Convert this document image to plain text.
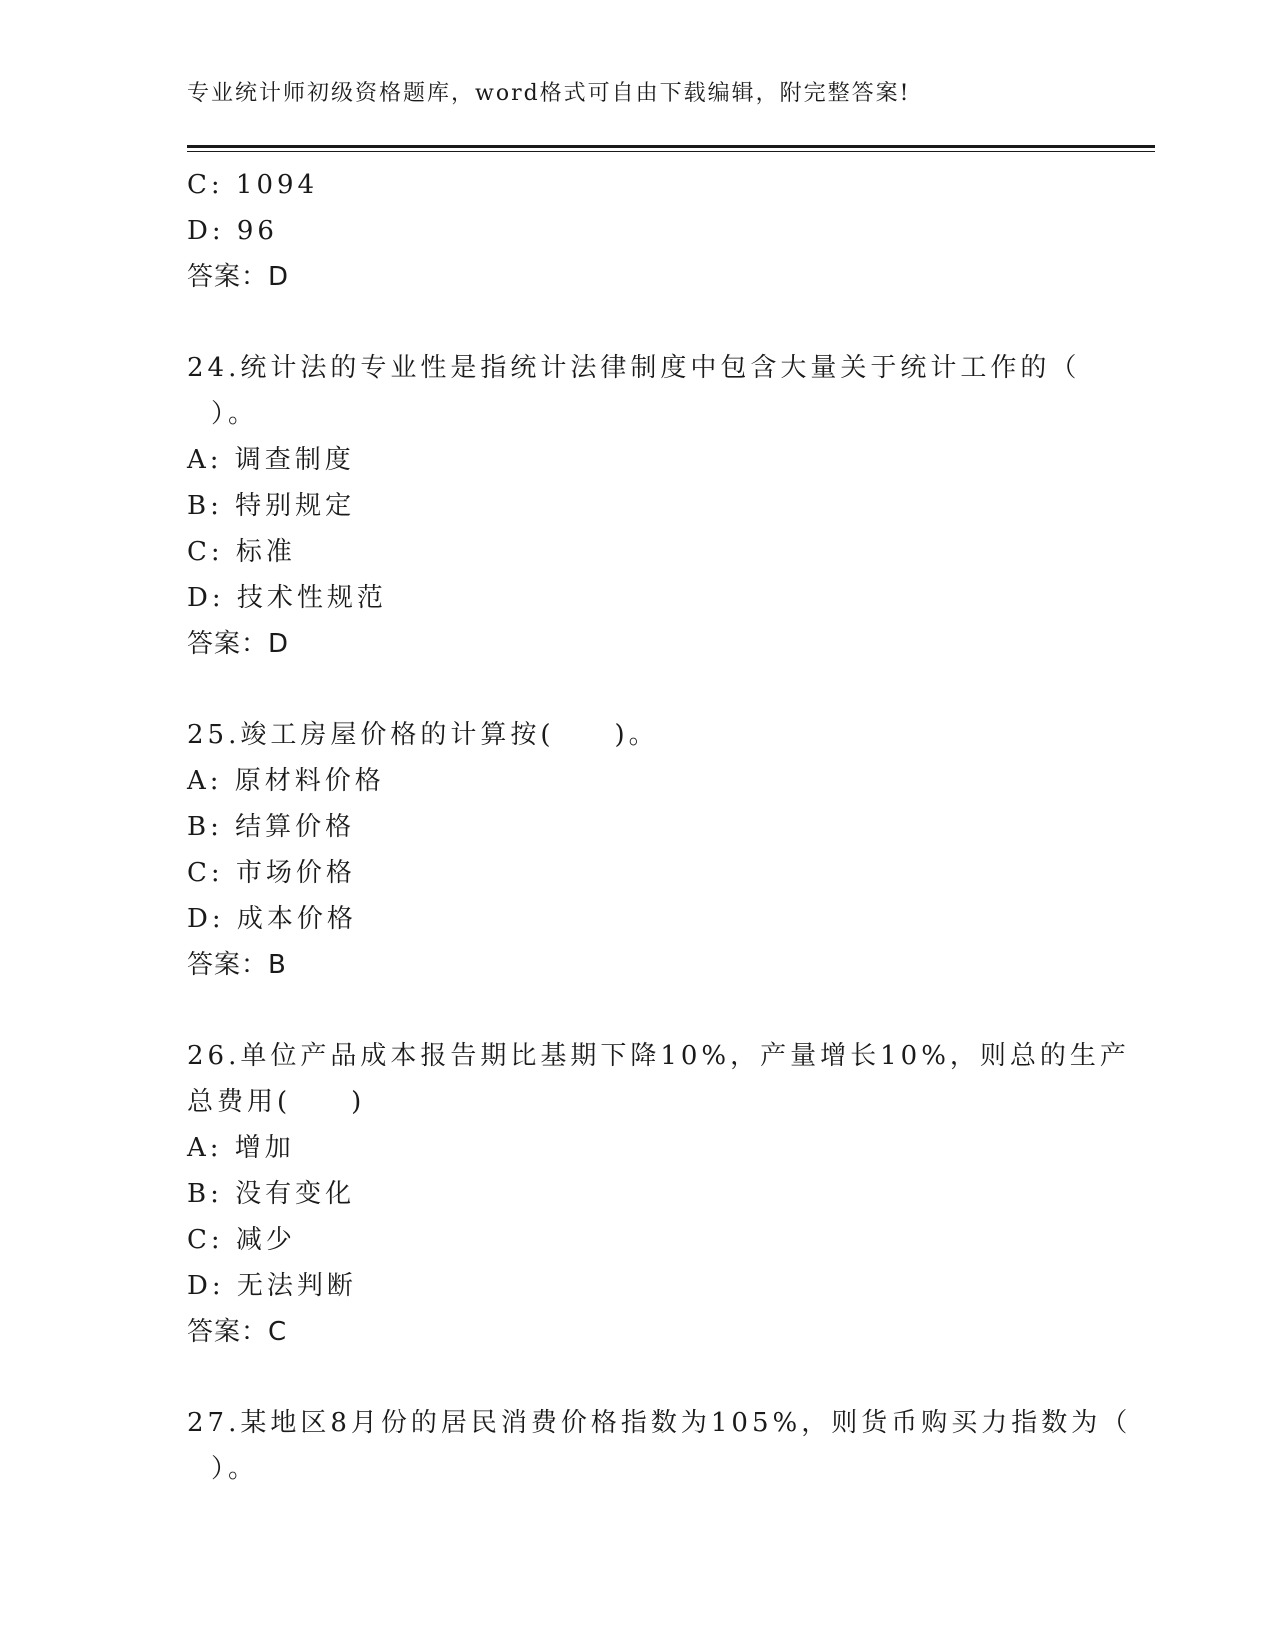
专业统计师初级资格题库，word格式可自由下载编辑，附完整答案!
C: 1094
D: 96
答案：D
24.统计法的专业性是指统计法律制度中包含大量关于统计工作的（
）。
A: 调查制度
B: 特别规定
C: 标准
D: 技术性规范
答案：D
25.竣工房屋价格的计算按(　　)。
A: 原材料价格
B: 结算价格
C: 市场价格
D: 成本价格
答案：B
26.单位产品成本报告期比基期下降10%，产量增长10%，则总的生产
总费用(　　)
A: 增加
B: 没有变化
C: 减少
D: 无法判断
答案：C
27.某地区8月份的居民消费价格指数为105%，则货币购买力指数为（
）。
